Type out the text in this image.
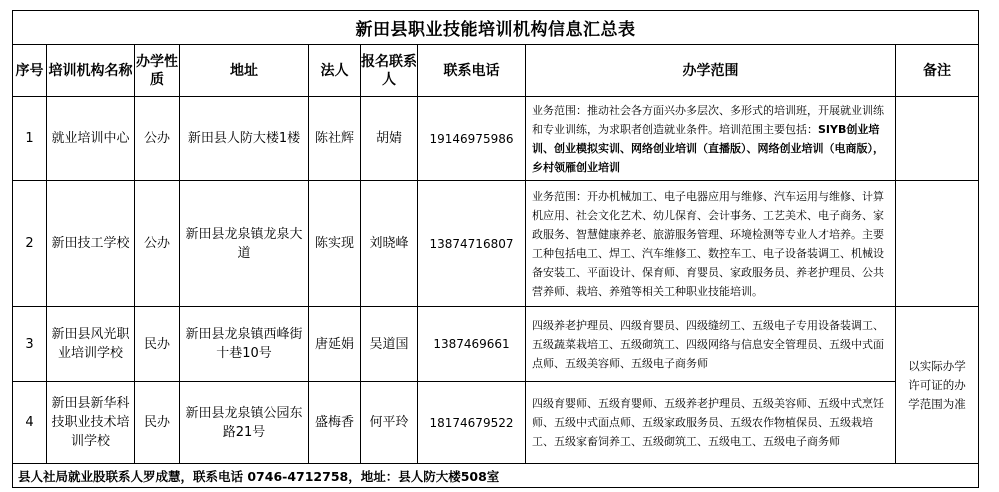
新田县职业技能培训机构信息汇总表								
序号	培训机构名称	办学性质	地址	法人	报名联系人	联系电话	办学范围	备注
1	就业培训中心	公办	新田县人防大楼1楼	陈社辉	胡婧	19146975986	业务范围：推动社会各方面兴办多层次、多形式的培训班，开展就业训练和专业训练，为求职者创造就业条件。培训范围主要包括：SIYB创业培训、创业模拟实训、网络创业培训（直播版）、网络创业培训（电商版），乡村领雁创业培训	
2	新田技工学校	公办	新田县龙泉镇龙泉大道	陈实现	刘晓峰	13874716807	业务范围：开办机械加工、电子电器应用与维修、汽车运用与维修、计算机应用、社会文化艺术、幼儿保育、会计事务、工艺美术、电子商务、家政服务、智慧健康养老、旅游服务管理、环境检测等专业人才培养。主要工种包括电工、焊工、汽车维修工、数控车工、电子设备装调工、机械设备安装工、平面设计、保育师、育婴员、家政服务员、养老护理员、公共营养师、栽培、养殖等相关工种职业技能培训。	
3	新田县风光职业培训学校	民办	新田县龙泉镇西峰街十巷10号	唐延娟	吴道国	1387469661	四级养老护理员、四级育婴员、四级缝纫工、五级电子专用设备装调工、五级蔬菜栽培工、五级砌筑工、四级网络与信息安全管理员、五级中式面点师、五级美容师、五级电子商务师	以实际办学许可证的办学范围为准
4	新田县新华科技职业技术培训学校	民办	新田县龙泉镇公园东路21号	盛梅香	何平玲	18174679522	四级育婴师、五级育婴师、五级养老护理员、五级美容师、五级中式烹饪师、五级中式面点师、五级家政服务员、五级农作物植保员、五级栽培工、五级家畜饲养工、五级砌筑工、五级电工、五级电子商务师	
县人社局就业股联系人罗成慧，联系电话 0746-4712758，地址：县人防大楼508室								
